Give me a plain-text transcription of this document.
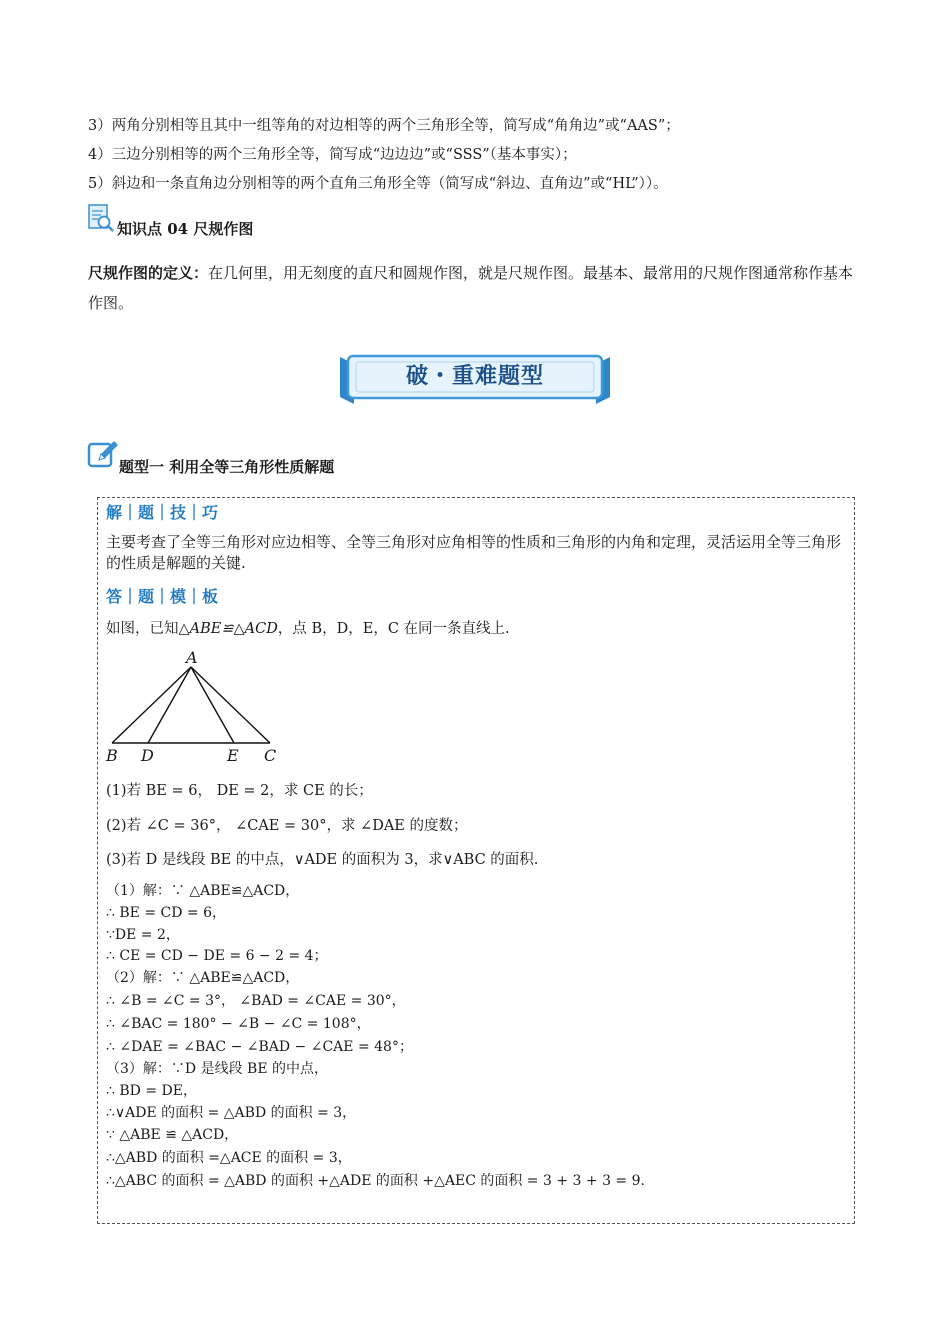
3）两角分别相等且其中一组等角的对边相等的两个三角形全等，简写成“角角边”或“AAS”；
4）三边分别相等的两个三角形全等，简写成“边边边”或“SSS”（基本事实）；
5）斜边和一条直角边分别相等的两个直角三角形全等（简写成“斜边、直角边”或“HL”））。
知识点 04 尺规作图
尺规作图的定义：在几何里，用无刻度的直尺和圆规作图，就是尺规作图。最基本、最常用的尺规作图通常称作基本作图。
破・重难题型
题型一 利用全等三角形性质解题
解｜题｜技｜巧
主要考查了全等三角形对应边相等、全等三角形对应角相等的性质和三角形的内角和定理，灵活运用全等三角形的性质是解题的关键.
答｜题｜模｜板
如图，已知△ABE≌△ACD，点 B，D，E，C 在同一条直线上.
A
B D	E C
(1)若 BE = 6， DE = 2，求 CE 的长；
(2)若 ∠C = 36°， ∠CAE = 30°，求 ∠DAE 的度数；
(3)若 D 是线段 BE 的中点，∨ADE 的面积为 3，求∨ABC 的面积.
（1）解：∵ △ABE≌△ACD，
∴ BE = CD = 6，
∵DE = 2，
∴ CE = CD − DE = 6 − 2 = 4；
（2）解：∵ △ABE≌△ACD，
∴ ∠B = ∠C = 3°， ∠BAD = ∠CAE = 30°，
∴ ∠BAC = 180° − ∠B − ∠C = 108°，
∴ ∠DAE = ∠BAC − ∠BAD − ∠CAE = 48°；
（3）解：∵D 是线段 BE 的中点，
∴ BD = DE，
∴∨ADE 的面积 = △ABD 的面积 = 3，
∵ △ABE ≌ △ACD，
∴△ABD 的面积 =△ACE 的面积 = 3，
∴△ABC 的面积 = △ABD 的面积 +△ADE 的面积 +△AEC 的面积 = 3 + 3 + 3 = 9.
